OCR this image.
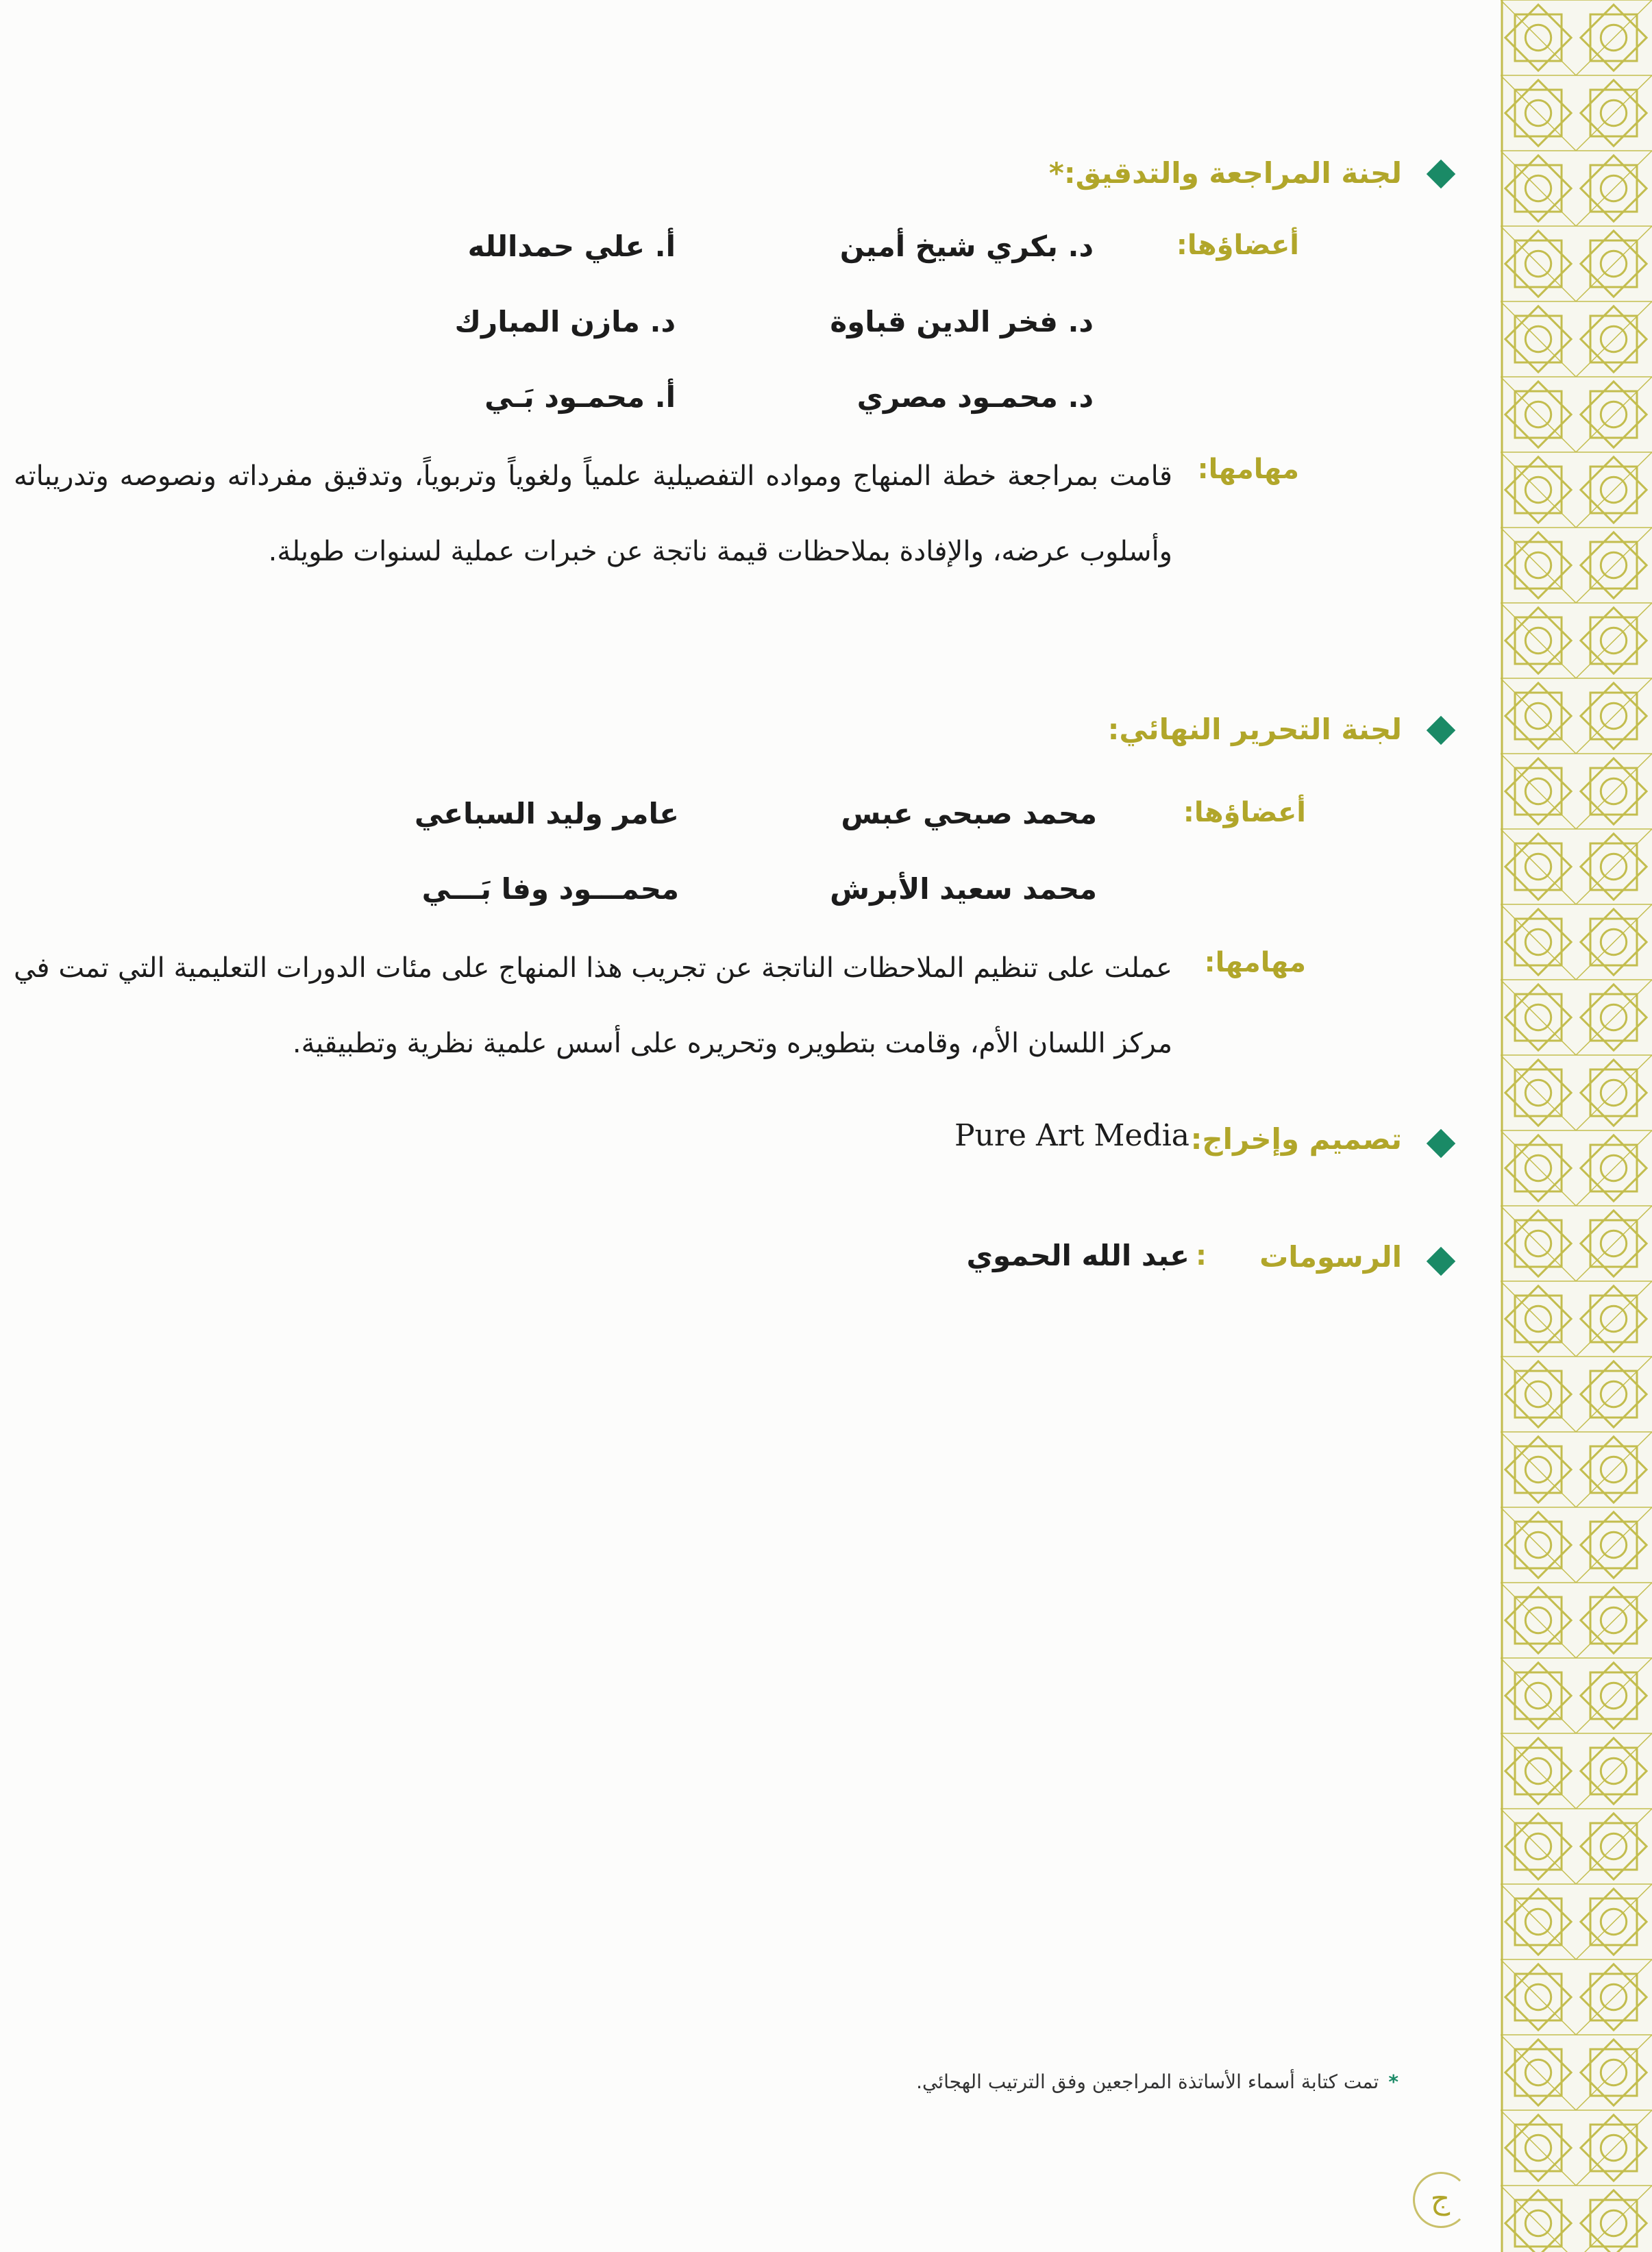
لجنة المراجعة والتدقيق:*
أعضاؤها:
د. بكري شيخ أمين
د. فخر الدين قباوة
د. محمـود مصري
أ. علي حمدالله
د. مازن المبارك
أ. محمـود بَـي
مهامها:
قامت بمراجعة خطة المنهاج ومواده التفصيلية علمياً ولغوياً وتربوياً، وتدقيق مفرداته ونصوصه وتدريباته وأسلوب عرضه، والإفادة بملاحظات قيمة ناتجة عن خبرات عملية لسنوات طويلة.
لجنة التحرير النهائي:
أعضاؤها:
محمد صبحي عبس
محمد سعيد الأبرش
عامر وليد السباعي
محمـــود وفا بَـــي
مهامها:
عملت على تنظيم الملاحظات الناتجة عن تجريب هذا المنهاج على مئات الدورات التعليمية التي تمت في مركز اللسان الأم، وقامت بتطويره وتحريره على أسس علمية نظرية وتطبيقية.
تصميم وإخراج:
Pure Art Media
الرسومات
:
عبد الله الحموي
*تمت كتابة أسماء الأساتذة المراجعين وفق الترتيب الهجائي.
ج
